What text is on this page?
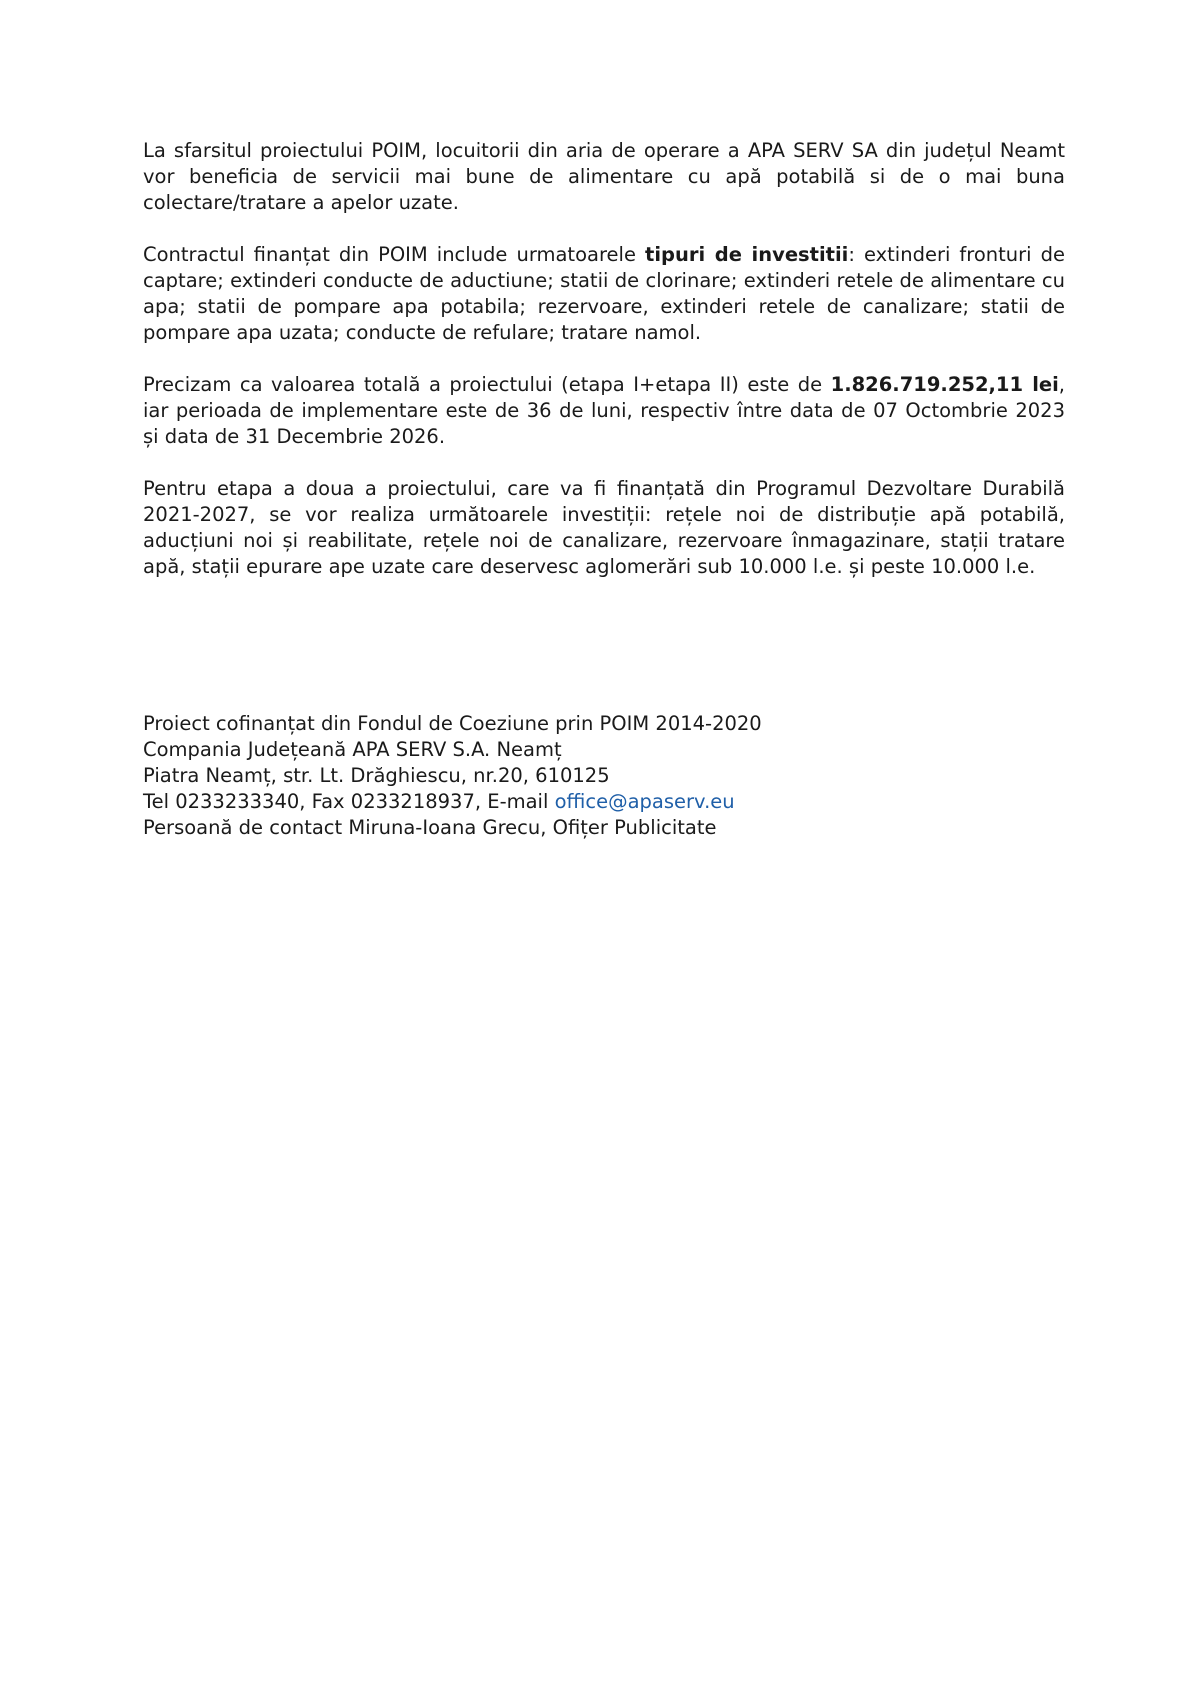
La sfarsitul proiectului POIM, locuitorii din aria de operare a APA SERV SA din județul Neamt vor beneficia de servicii mai bune de alimentare cu apă potabilă si de o mai buna colectare/tratare a apelor uzate.

Contractul finanțat din POIM include urmatoarele tipuri de investitii: extinderi fronturi de captare; extinderi conducte de aductiune; statii de clorinare; extinderi retele de alimentare cu apa; statii de pompare apa potabila; rezervoare, extinderi retele de canalizare; statii de pompare apa uzata; conducte de refulare; tratare namol.

Precizam ca valoarea totală a proiectului (etapa I+etapa II) este de 1.826.719.252,11 lei, iar perioada de implementare este de 36 de luni, respectiv între data de 07 Octombrie 2023 și data de 31 Decembrie 2026.

Pentru etapa a doua a proiectului, care va fi finanțată din Programul Dezvoltare Durabilă 2021-2027, se vor realiza următoarele investiții: rețele noi de distribuție apă potabilă, aducțiuni noi și reabilitate, rețele noi de canalizare, rezervoare înmagazinare, stații tratare apă, stații epurare ape uzate care deservesc aglomerări sub 10.000 l.e. și peste 10.000 l.e.

Proiect cofinanțat din Fondul de Coeziune prin POIM 2014-2020
Compania Județeană APA SERV S.A. Neamț
Piatra Neamț, str. Lt. Drăghiescu, nr.20, 610125
Tel 0233233340, Fax 0233218937, E-mail office@apaserv.eu
Persoană de contact Miruna-Ioana Grecu, Ofițer Publicitate
